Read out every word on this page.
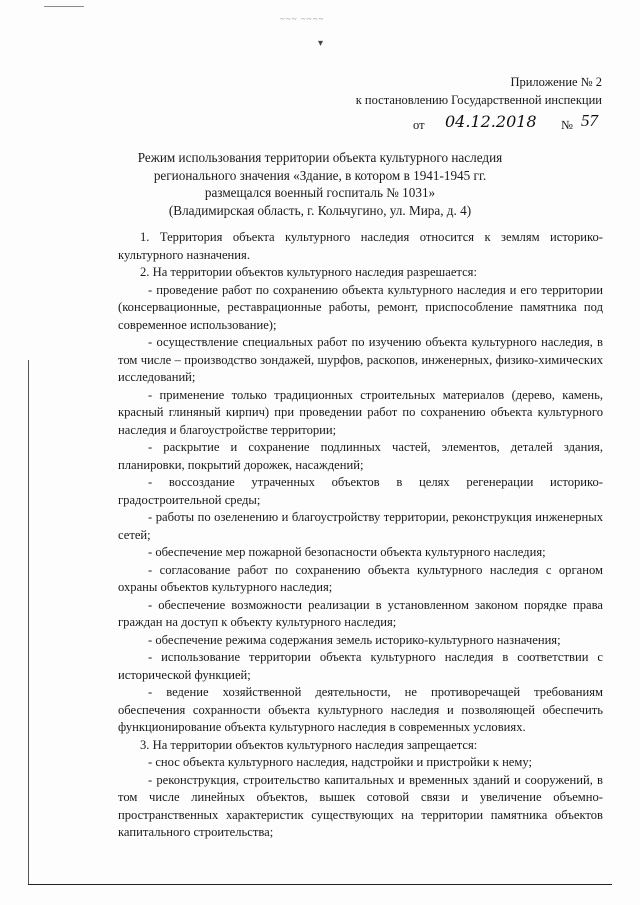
~~~ ~~~~
▾
Приложение № 2
к постановлению Государственной инспекции
от 04.12.2018 № 57
Режим использования территории объекта культурного наследия
регионального значения «Здание, в котором в 1941-1945 гг.
размещался военный госпиталь № 1031»
(Владимирская область, г. Кольчугино, ул. Мира, д. 4)

1. Территория объекта культурного наследия относится к землям историко-культурного назначения.

2. На территории объектов культурного наследия разрешается:

- проведение работ по сохранению объекта культурного наследия и его территории (консервационные, реставрационные работы, ремонт, приспособление памятника под современное использование);

- осуществление специальных работ по изучению объекта культурного наследия, в том числе – производство зондажей, шурфов, раскопов, инженерных, физико-химических исследований;

- применение только традиционных строительных материалов (дерево, камень, красный глиняный кирпич) при проведении работ по сохранению объекта культурного наследия и благоустройстве территории;

- раскрытие и сохранение подлинных частей, элементов, деталей здания, планировки, покрытий дорожек, насаждений;

- воссоздание утраченных объектов в целях регенерации историко-градостроительной среды;

- работы по озеленению и благоустройству территории, реконструкция инженерных сетей;

- обеспечение мер пожарной безопасности объекта культурного наследия;

- согласование работ по сохранению объекта культурного наследия с органом охраны объектов культурного наследия;

- обеспечение возможности реализации в установленном законом порядке права граждан на доступ к объекту культурного наследия;

- обеспечение режима содержания земель историко-культурного назначения;

- использование территории объекта культурного наследия в соответствии с исторической функцией;

- ведение хозяйственной деятельности, не противоречащей требованиям обеспечения сохранности объекта культурного наследия и позволяющей обеспечить функционирование объекта культурного наследия в современных условиях.

3. На территории объектов культурного наследия запрещается:

- снос объекта культурного наследия, надстройки и пристройки к нему;

- реконструкция, строительство капитальных и временных зданий и сооружений, в том числе линейных объектов, вышек сотовой связи и увеличение объемно-пространственных характеристик существующих на территории памятника объектов капитального строительства;
